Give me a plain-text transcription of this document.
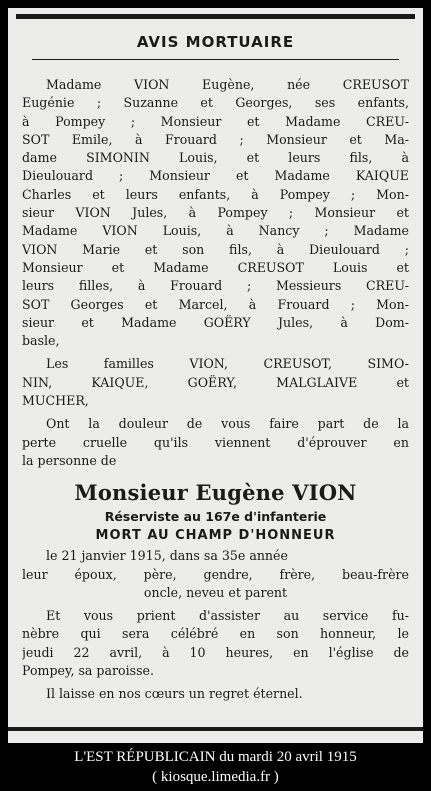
AVIS MORTUAIRE
Madame VION Eugène, née CREUSOT
Eugénie ; Suzanne et Georges, ses enfants,
à Pompey ; Monsieur et Madame CREU-
SOT Emile, à Frouard ; Monsieur et Ma-
dame SIMONIN Louis, et leurs fils, à
Dieulouard ; Monsieur et Madame KAIQUE
Charles et leurs enfants, à Pompey ; Mon-
sieur VION Jules, à Pompey ; Monsieur et
Madame VION Louis, à Nancy ; Madame
VION Marie et son fils, à Dieulouard ;
Monsieur et Madame CREUSOT Louis et
leurs filles, à Frouard ; Messieurs CREU-
SOT Georges et Marcel, à Frouard ; Mon-
sieur et Madame GOËRY Jules, à Dom-
basle,
Les familles VION, CREUSOT, SIMO-
NIN, KAIQUE, GOËRY, MALGLAIVE et
MUCHER,
Ont la douleur de vous faire part de la
perte cruelle qu'ils viennent d'éprouver en
la personne de
Monsieur Eugène VION
Réserviste au 167e d'infanterie
MORT AU CHAMP D'HONNEUR
le 21 janvier 1915, dans sa 35e année
leur époux, père, gendre, frère, beau-frère
oncle, neveu et parent
Et vous prient d'assister au service fu-
nèbre qui sera célébré en son honneur, le
jeudi 22 avril, à 10 heures, en l'église de
Pompey, sa paroisse.
Il laisse en nos cœurs un regret éternel.
L'EST RÉPUBLICAIN du mardi 20 avril 1915
( kiosque.limedia.fr )
